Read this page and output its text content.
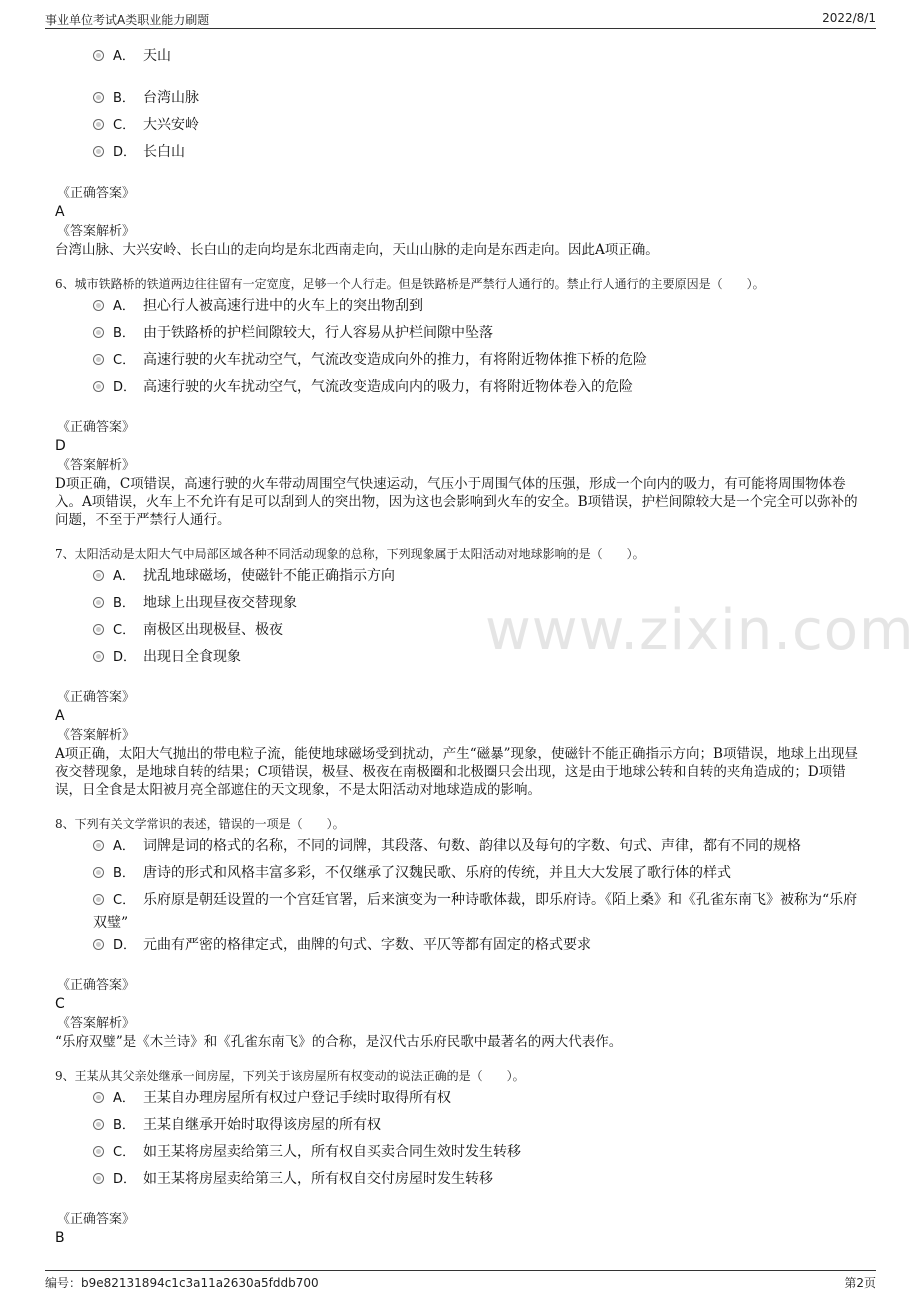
事业单位考试A类职业能力刷题	2022/8/1
www.zixin.com
A． 天山
B． 台湾山脉
C． 大兴安岭
D． 长白山
《正确答案》
A
《答案解析》
台湾山脉、大兴安岭、长白山的走向均是东北西南走向，天山山脉的走向是东西走向。因此A项正确。
6、城市铁路桥的铁道两边往往留有一定宽度，足够一个人行走。但是铁路桥是严禁行人通行的。禁止行人通行的主要原因是（　　）。
A． 担心行人被高速行进中的火车上的突出物刮到
B． 由于铁路桥的护栏间隙较大，行人容易从护栏间隙中坠落
C． 高速行驶的火车扰动空气，气流改变造成向外的推力，有将附近物体推下桥的危险
D． 高速行驶的火车扰动空气，气流改变造成向内的吸力，有将附近物体卷入的危险
《正确答案》
D
《答案解析》
D项正确，C项错误，高速行驶的火车带动周围空气快速运动，气压小于周围气体的压强，形成一个向内的吸力，有可能将周围物体卷入。A项错误，火车上不允许有足可以刮到人的突出物，因为这也会影响到火车的安全。B项错误，护栏间隙较大是一个完全可以弥补的问题，不至于严禁行人通行。
7、太阳活动是太阳大气中局部区域各种不同活动现象的总称，下列现象属于太阳活动对地球影响的是（　　）。
A． 扰乱地球磁场，使磁针不能正确指示方向
B． 地球上出现昼夜交替现象
C． 南极区出现极昼、极夜
D． 出现日全食现象
《正确答案》
A
《答案解析》
A项正确，太阳大气抛出的带电粒子流，能使地球磁场受到扰动，产生“磁暴”现象，使磁针不能正确指示方向；B项错误，地球上出现昼夜交替现象，是地球自转的结果；C项错误，极昼、极夜在南极圈和北极圈只会出现，这是由于地球公转和自转的夹角造成的；D项错误，日全食是太阳被月亮全部遮住的天文现象，不是太阳活动对地球造成的影响。
8、下列有关文学常识的表述，错误的一项是（　　）。
A． 词牌是词的格式的名称，不同的词牌，其段落、句数、韵律以及每句的字数、句式、声律，都有不同的规格
B． 唐诗的形式和风格丰富多彩，不仅继承了汉魏民歌、乐府的传统，并且大大发展了歌行体的样式
C． 乐府原是朝廷设置的一个宫廷官署，后来演变为一种诗歌体裁，即乐府诗。《陌上桑》和《孔雀东南飞》被称为“乐府双璧”
D． 元曲有严密的格律定式，曲牌的句式、字数、平仄等都有固定的格式要求
《正确答案》
C
《答案解析》
“乐府双璧”是《木兰诗》和《孔雀东南飞》的合称，是汉代古乐府民歌中最著名的两大代表作。
9、王某从其父亲处继承一间房屋，下列关于该房屋所有权变动的说法正确的是（　　）。
A． 王某自办理房屋所有权过户登记手续时取得所有权
B． 王某自继承开始时取得该房屋的所有权
C． 如王某将房屋卖给第三人，所有权自买卖合同生效时发生转移
D． 如王某将房屋卖给第三人，所有权自交付房屋时发生转移
《正确答案》
B
编号：b9e82131894c1c3a11a2630a5fddb700	第2页
